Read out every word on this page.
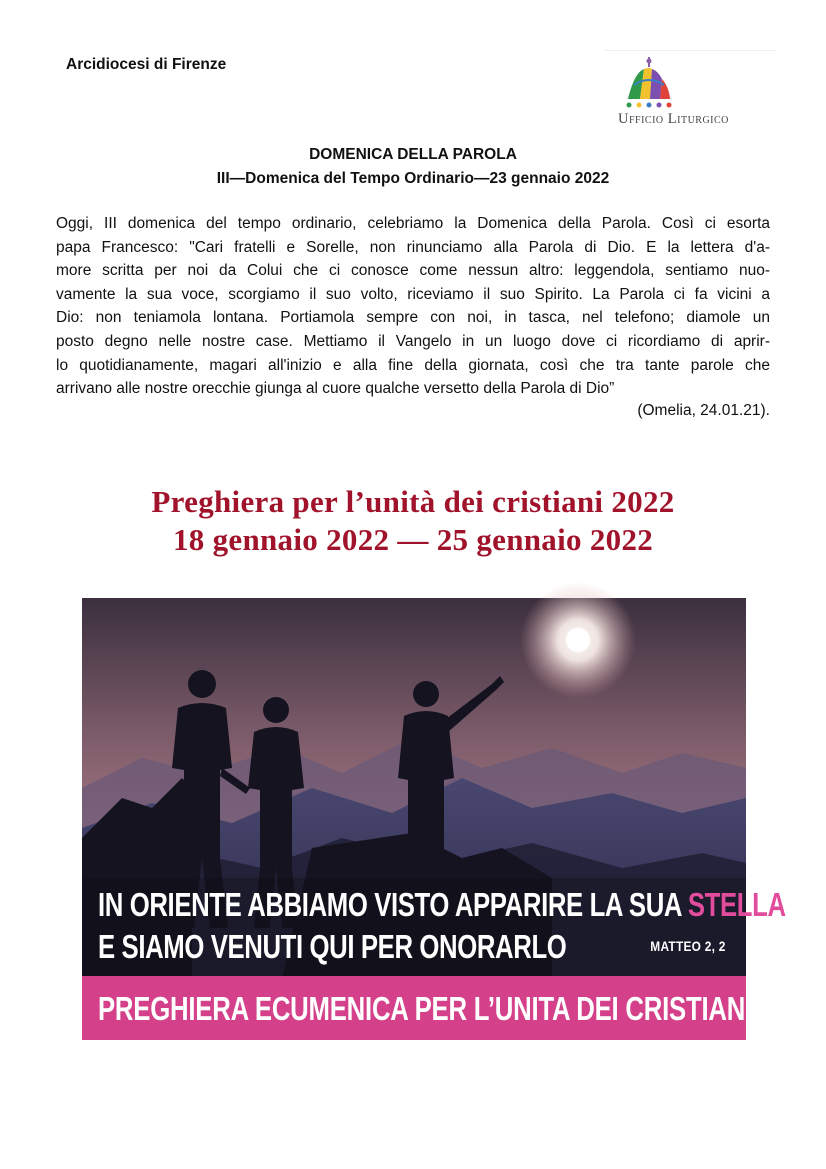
Arcidiocesi di Firenze
Ufficio Liturgico
DOMENICA DELLA PAROLA
III—Domenica del Tempo Ordinario—23 gennaio 2022
Oggi, III domenica del tempo ordinario, celebriamo la Domenica della Parola. Così ci esorta
papa Francesco: "Cari fratelli e Sorelle, non rinunciamo alla Parola di Dio. E la lettera d'a-
more scritta per noi da Colui che ci conosce come nessun altro: leggendola, sentiamo nuo-
vamente la sua voce, scorgiamo il suo volto, riceviamo il suo Spirito. La Parola ci fa vicini a
Dio: non teniamola lontana. Portiamola sempre con noi, in tasca, nel telefono; diamole un
posto degno nelle nostre case. Mettiamo il Vangelo in un luogo dove ci ricordiamo di aprir-
lo quotidianamente, magari all'inizio e alla fine della giornata, così che tra tante parole che
arrivano alle nostre orecchie giunga al cuore qualche versetto della Parola di Dio”
(Omelia, 24.01.21).
Preghiera per l’unità dei cristiani 2022
18 gennaio 2022 — 25 gennaio 2022
IN ORIENTE ABBIAMO VISTO APPARIRE LA SUA STELLA
E SIAMO VENUTI QUI PER ONORARLO	MATTEO 2, 2
PREGHIERA ECUMENICA PER L’UNITA DEI CRISTIANI
